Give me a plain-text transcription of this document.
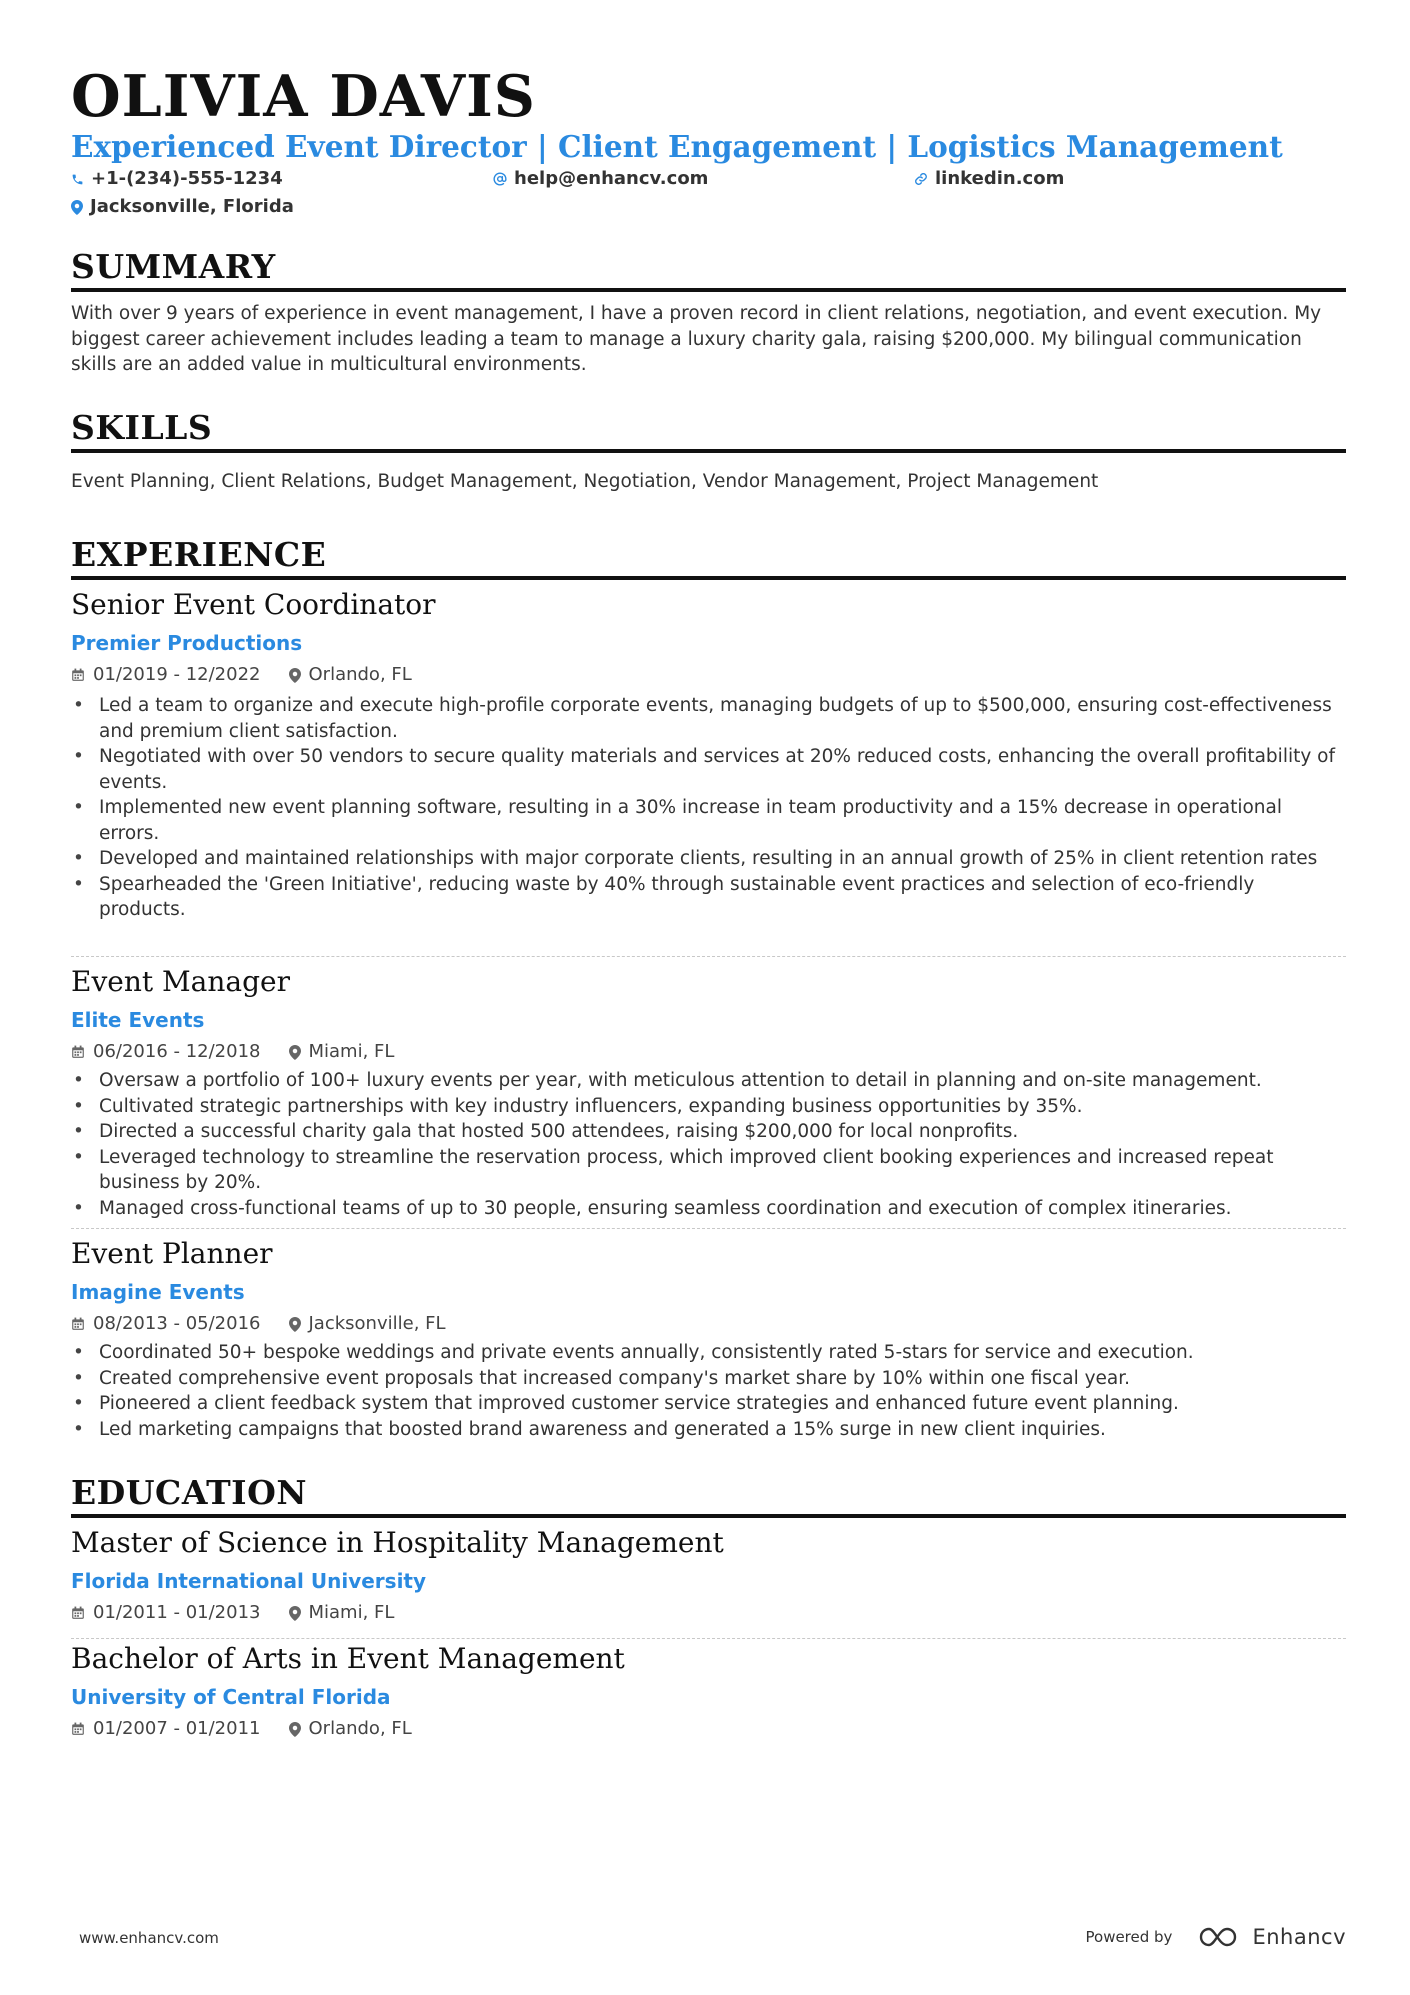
OLIVIA DAVIS
Experienced Event Director | Client Engagement | Logistics Management
+1-(234)-555-1234	help@enhancv.com	linkedin.com
Jacksonville, Florida
SUMMARY
With over 9 years of experience in event management, I have a proven record in client relations, negotiation, and event execution. My biggest career achievement includes leading a team to manage a luxury charity gala, raising $200,000. My bilingual communication skills are an added value in multicultural environments.
SKILLS
Event Planning, Client Relations, Budget Management, Negotiation, Vendor Management, Project Management
EXPERIENCE
Senior Event Coordinator
Premier Productions
01/2019 - 12/2022	Orlando, FL
• Led a team to organize and execute high-profile corporate events, managing budgets of up to $500,000, ensuring cost-effectiveness and premium client satisfaction.
• Negotiated with over 50 vendors to secure quality materials and services at 20% reduced costs, enhancing the overall profitability of events.
• Implemented new event planning software, resulting in a 30% increase in team productivity and a 15% decrease in operational errors.
• Developed and maintained relationships with major corporate clients, resulting in an annual growth of 25% in client retention rates
• Spearheaded the 'Green Initiative', reducing waste by 40% through sustainable event practices and selection of eco-friendly products.
Event Manager
Elite Events
06/2016 - 12/2018	Miami, FL
• Oversaw a portfolio of 100+ luxury events per year, with meticulous attention to detail in planning and on-site management.
• Cultivated strategic partnerships with key industry influencers, expanding business opportunities by 35%.
• Directed a successful charity gala that hosted 500 attendees, raising $200,000 for local nonprofits.
• Leveraged technology to streamline the reservation process, which improved client booking experiences and increased repeat business by 20%.
• Managed cross-functional teams of up to 30 people, ensuring seamless coordination and execution of complex itineraries.
Event Planner
Imagine Events
08/2013 - 05/2016	Jacksonville, FL
• Coordinated 50+ bespoke weddings and private events annually, consistently rated 5-stars for service and execution.
• Created comprehensive event proposals that increased company's market share by 10% within one fiscal year.
• Pioneered a client feedback system that improved customer service strategies and enhanced future event planning.
• Led marketing campaigns that boosted brand awareness and generated a 15% surge in new client inquiries.
EDUCATION
Master of Science in Hospitality Management
Florida International University
01/2011 - 01/2013	Miami, FL
Bachelor of Arts in Event Management
University of Central Florida
01/2007 - 01/2011	Orlando, FL
www.enhancv.com	Powered by	Enhancv
